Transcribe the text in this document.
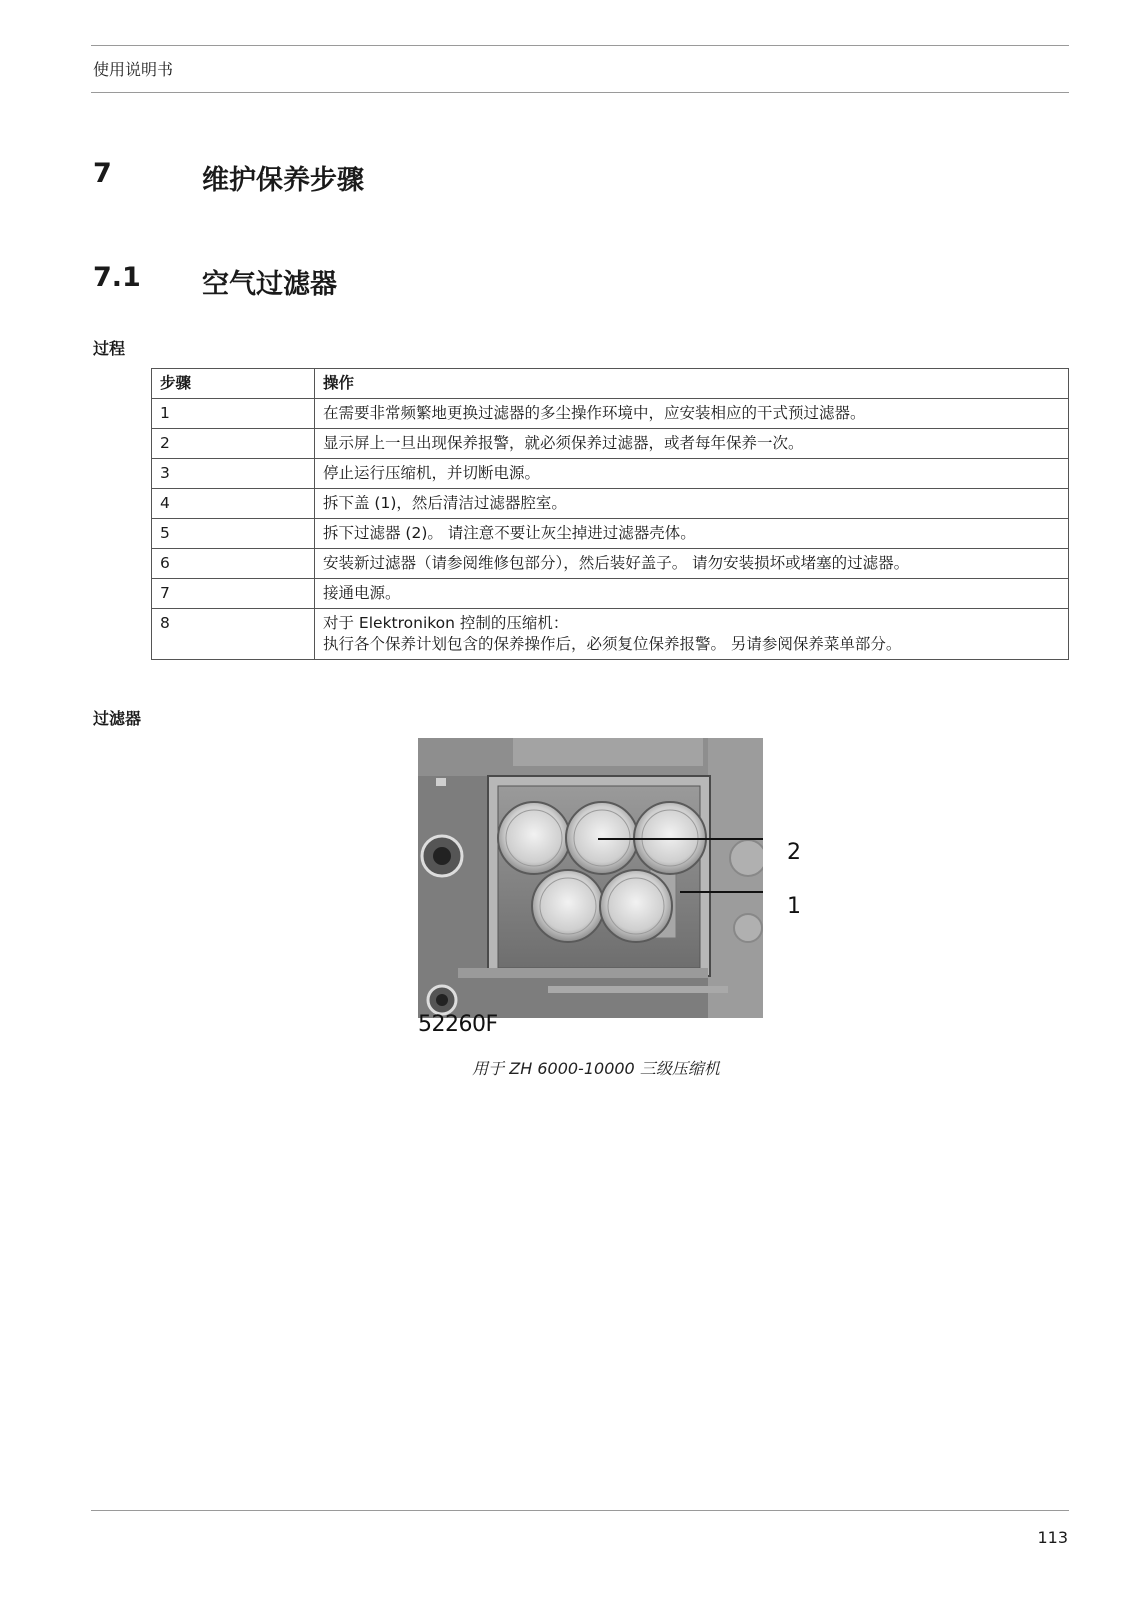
使用说明书
7	维护保养步骤
7.1 空气过滤器
过程
步骤	操作
1	在需要非常频繁地更换过滤器的多尘操作环境中，应安装相应的干式预过滤器。

2	显示屏上一旦出现保养报警，就必须保养过滤器，或者每年保养一次。

3	停止运行压缩机，并切断电源。

4	拆下盖 (1)，然后清洁过滤器腔室。

5	拆下过滤器 (2)。 请注意不要让灰尘掉进过滤器壳体。

6	安装新过滤器（请参阅维修包部分），然后装好盖子。 请勿安装损坏或堵塞的过滤器。

7	接通电源。

8	对于 Elektronikon 控制的压缩机：
执行各个保养计划包含的保养操作后，必须复位保养报警。 另请参阅保养菜单部分。
过滤器
2
1
52260F
用于 ZH 6000-10000 三级压缩机
113
